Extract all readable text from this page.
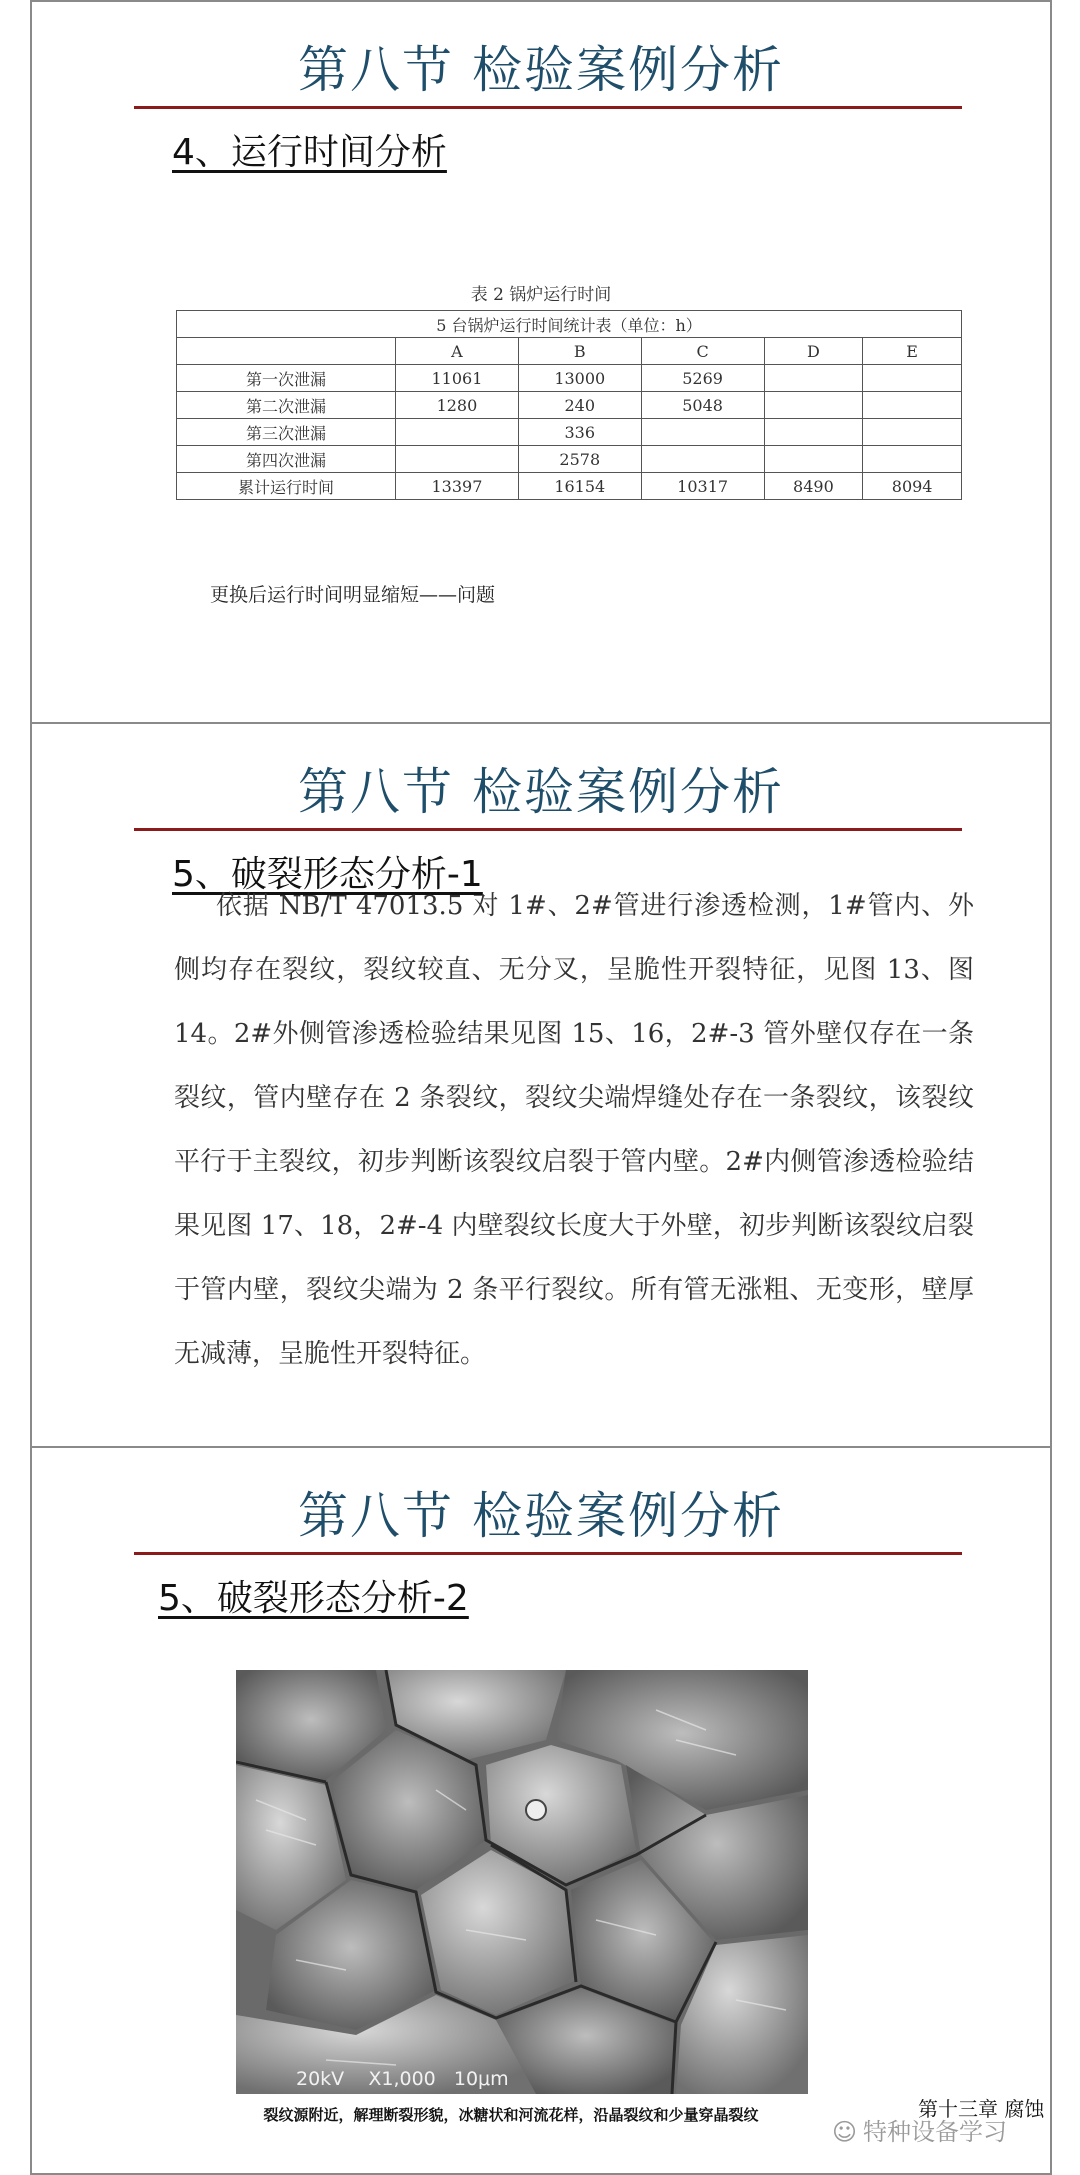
第八节 检验案例分析
4、运行时间分析
表 2 锅炉运行时间
5 台锅炉运行时间统计表（单位：h）					
	A	B	C	D	E
第一次泄漏	11061	13000	5269		
第二次泄漏	1280	240	5048		
第三次泄漏		336			
第四次泄漏		2578			
累计运行时间	13397	16154	10317	8490	8094
更换后运行时间明显缩短——问题
第八节 检验案例分析
5、破裂形态分析-1
依据 NB/T 47013.5 对 1#、2#管进行渗透检测，1#管内、外侧均存在裂纹，裂纹较直、无分叉，呈脆性开裂特征，见图 13、图 14。2#外侧管渗透检验结果见图 15、16，2#-3 管外壁仅存在一条裂纹，管内壁存在 2 条裂纹，裂纹尖端焊缝处存在一条裂纹，该裂纹平行于主裂纹，初步判断该裂纹启裂于管内壁。2#内侧管渗透检验结果见图 17、18，2#-4 内壁裂纹长度大于外壁，初步判断该裂纹启裂于管内壁，裂纹尖端为 2 条平行裂纹。所有管无涨粗、无变形，壁厚无减薄，呈脆性开裂特征。
第八节 检验案例分析
5、破裂形态分析-2
20kV    X1,000   10μm
裂纹源附近，解理断裂形貌，冰糖状和河流花样，沿晶裂纹和少量穿晶裂纹	第十三章 腐蚀
☺ 特种设备学习
